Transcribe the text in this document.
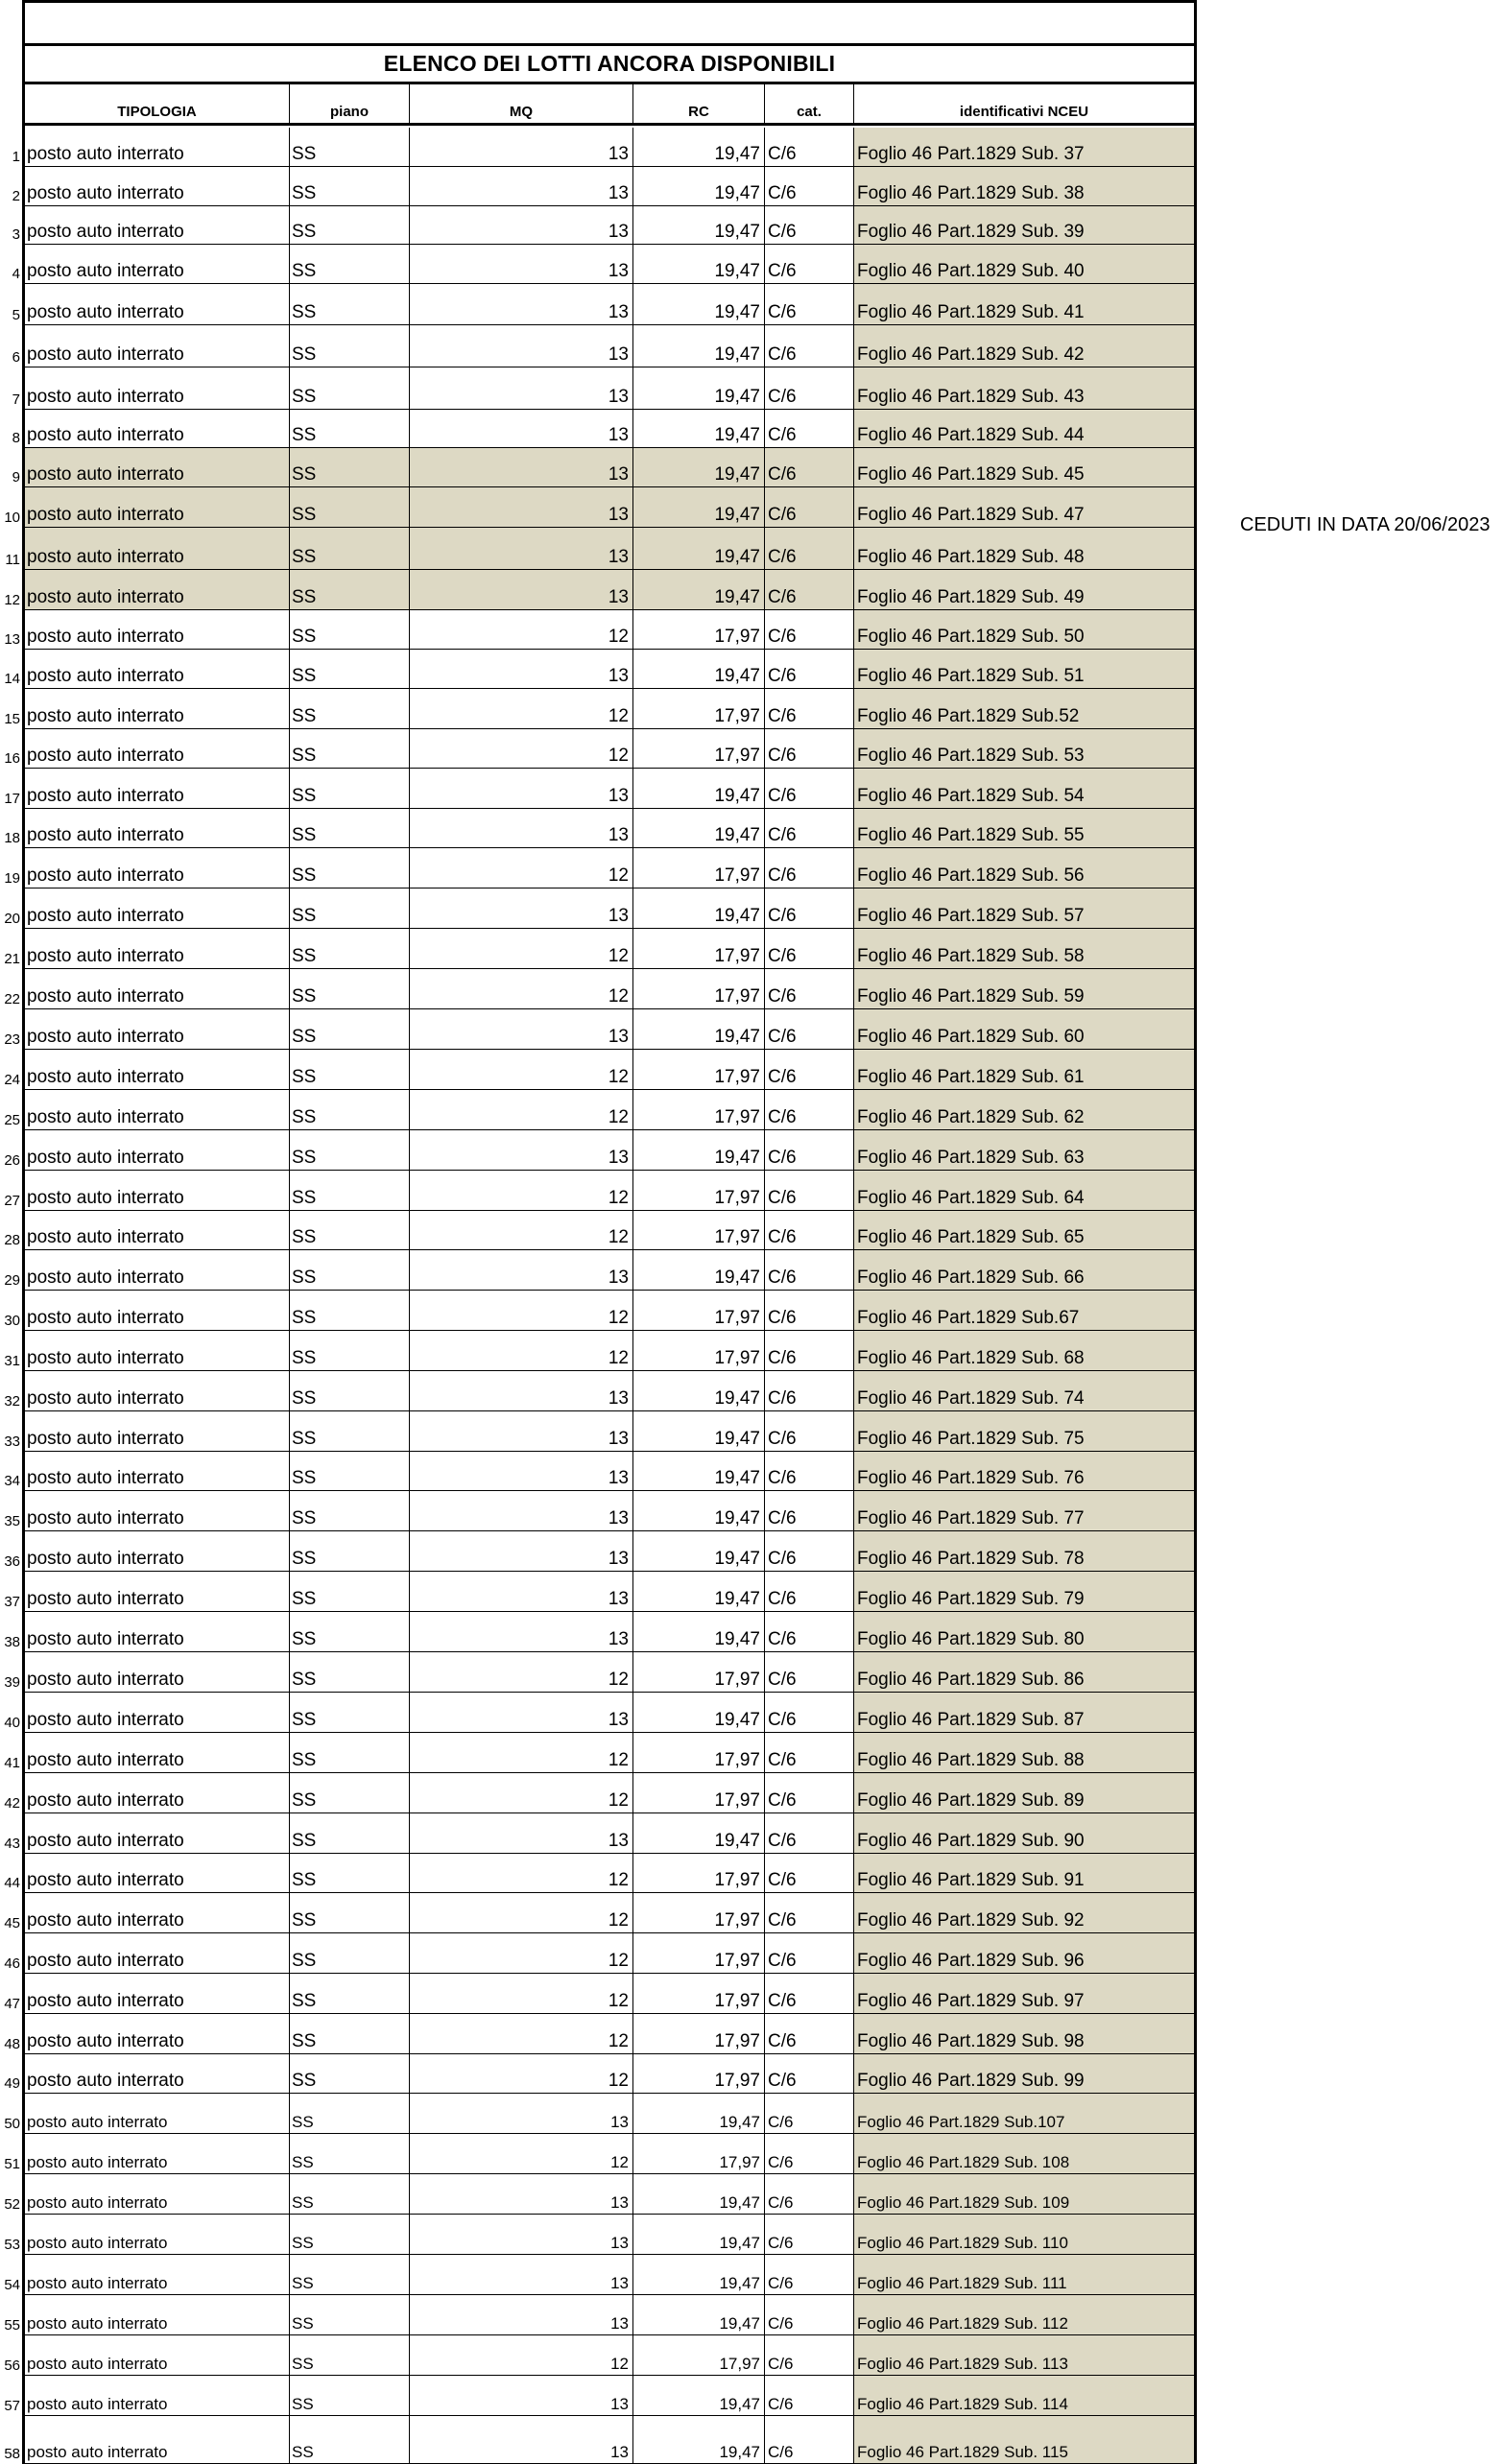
ELENCO DEI LOTTI ANCORA DISPONIBILI
TIPOLOGIA	piano	MQ	RC	cat.	identificativi NCEU
1 posto auto interrato	SS	13	19,47 C/6	Foglio 46 Part.1829 Sub. 37
2 posto auto interrato	SS	13	19,47 C/6	Foglio 46 Part.1829 Sub. 38
3 posto auto interrato	SS	13	19,47 C/6	Foglio 46 Part.1829 Sub. 39
4 posto auto interrato	SS	13	19,47 C/6	Foglio 46 Part.1829 Sub. 40
5 posto auto interrato	SS	13	19,47 C/6	Foglio 46 Part.1829 Sub. 41
6 posto auto interrato	SS	13	19,47 C/6	Foglio 46 Part.1829 Sub. 42
7 posto auto interrato	SS	13	19,47 C/6	Foglio 46 Part.1829 Sub. 43
8 posto auto interrato	SS	13	19,47 C/6	Foglio 46 Part.1829 Sub. 44
9 posto auto interrato	SS	13	19,47 C/6	Foglio 46 Part.1829 Sub. 45
10 posto auto interrato	SS	13	19,47 C/6	Foglio 46 Part.1829 Sub. 47
11 posto auto interrato	SS	13	19,47 C/6	Foglio 46 Part.1829 Sub. 48
12 posto auto interrato	SS	13	19,47 C/6	Foglio 46 Part.1829 Sub. 49
13 posto auto interrato	SS	12	17,97 C/6	Foglio 46 Part.1829 Sub. 50
14 posto auto interrato	SS	13	19,47 C/6	Foglio 46 Part.1829 Sub. 51
15 posto auto interrato	SS	12	17,97 C/6	Foglio 46 Part.1829 Sub.52
16 posto auto interrato	SS	12	17,97 C/6	Foglio 46 Part.1829 Sub. 53
17 posto auto interrato	SS	13	19,47 C/6	Foglio 46 Part.1829 Sub. 54
18 posto auto interrato	SS	13	19,47 C/6	Foglio 46 Part.1829 Sub. 55
19 posto auto interrato	SS	12	17,97 C/6	Foglio 46 Part.1829 Sub. 56
20 posto auto interrato	SS	13	19,47 C/6	Foglio 46 Part.1829 Sub. 57
21 posto auto interrato	SS	12	17,97 C/6	Foglio 46 Part.1829 Sub. 58
22 posto auto interrato	SS	12	17,97 C/6	Foglio 46 Part.1829 Sub. 59
23 posto auto interrato	SS	13	19,47 C/6	Foglio 46 Part.1829 Sub. 60
24 posto auto interrato	SS	12	17,97 C/6	Foglio 46 Part.1829 Sub. 61
25 posto auto interrato	SS	12	17,97 C/6	Foglio 46 Part.1829 Sub. 62
26 posto auto interrato	SS	13	19,47 C/6	Foglio 46 Part.1829 Sub. 63
27 posto auto interrato	SS	12	17,97 C/6	Foglio 46 Part.1829 Sub. 64
28 posto auto interrato	SS	12	17,97 C/6	Foglio 46 Part.1829 Sub. 65
29 posto auto interrato	SS	13	19,47 C/6	Foglio 46 Part.1829 Sub. 66
30 posto auto interrato	SS	12	17,97 C/6	Foglio 46 Part.1829 Sub.67
31 posto auto interrato	SS	12	17,97 C/6	Foglio 46 Part.1829 Sub. 68
32 posto auto interrato	SS	13	19,47 C/6	Foglio 46 Part.1829 Sub. 74
33 posto auto interrato	SS	13	19,47 C/6	Foglio 46 Part.1829 Sub. 75
34 posto auto interrato	SS	13	19,47 C/6	Foglio 46 Part.1829 Sub. 76
35 posto auto interrato	SS	13	19,47 C/6	Foglio 46 Part.1829 Sub. 77
36 posto auto interrato	SS	13	19,47 C/6	Foglio 46 Part.1829 Sub. 78
37 posto auto interrato	SS	13	19,47 C/6	Foglio 46 Part.1829 Sub. 79
38 posto auto interrato	SS	13	19,47 C/6	Foglio 46 Part.1829 Sub. 80
39 posto auto interrato	SS	12	17,97 C/6	Foglio 46 Part.1829 Sub. 86
40 posto auto interrato	SS	13	19,47 C/6	Foglio 46 Part.1829 Sub. 87
41 posto auto interrato	SS	12	17,97 C/6	Foglio 46 Part.1829 Sub. 88
42 posto auto interrato	SS	12	17,97 C/6	Foglio 46 Part.1829 Sub. 89
43 posto auto interrato	SS	13	19,47 C/6	Foglio 46 Part.1829 Sub. 90
44 posto auto interrato	SS	12	17,97 C/6	Foglio 46 Part.1829 Sub. 91
45 posto auto interrato	SS	12	17,97 C/6	Foglio 46 Part.1829 Sub. 92
46 posto auto interrato	SS	12	17,97 C/6	Foglio 46 Part.1829 Sub. 96
47 posto auto interrato	SS	12	17,97 C/6	Foglio 46 Part.1829 Sub. 97
48 posto auto interrato	SS	12	17,97 C/6	Foglio 46 Part.1829 Sub. 98
49 posto auto interrato	SS	12	17,97 C/6	Foglio 46 Part.1829 Sub. 99
50 posto auto interrato	SS	13	19,47 C/6	Foglio 46 Part.1829 Sub.107
51 posto auto interrato	SS	12	17,97 C/6	Foglio 46 Part.1829 Sub. 108
52 posto auto interrato	SS	13	19,47 C/6	Foglio 46 Part.1829 Sub. 109
53 posto auto interrato	SS	13	19,47 C/6	Foglio 46 Part.1829 Sub. 110
54 posto auto interrato	SS	13	19,47 C/6	Foglio 46 Part.1829 Sub. 111
55 posto auto interrato	SS	13	19,47 C/6	Foglio 46 Part.1829 Sub. 112
56 posto auto interrato	SS	12	17,97 C/6	Foglio 46 Part.1829 Sub. 113
57 posto auto interrato	SS	13	19,47 C/6	Foglio 46 Part.1829 Sub. 114
58 posto auto interrato	SS	13	19,47 C/6	Foglio 46 Part.1829 Sub. 115
CEDUTI IN DATA 20/06/2023
